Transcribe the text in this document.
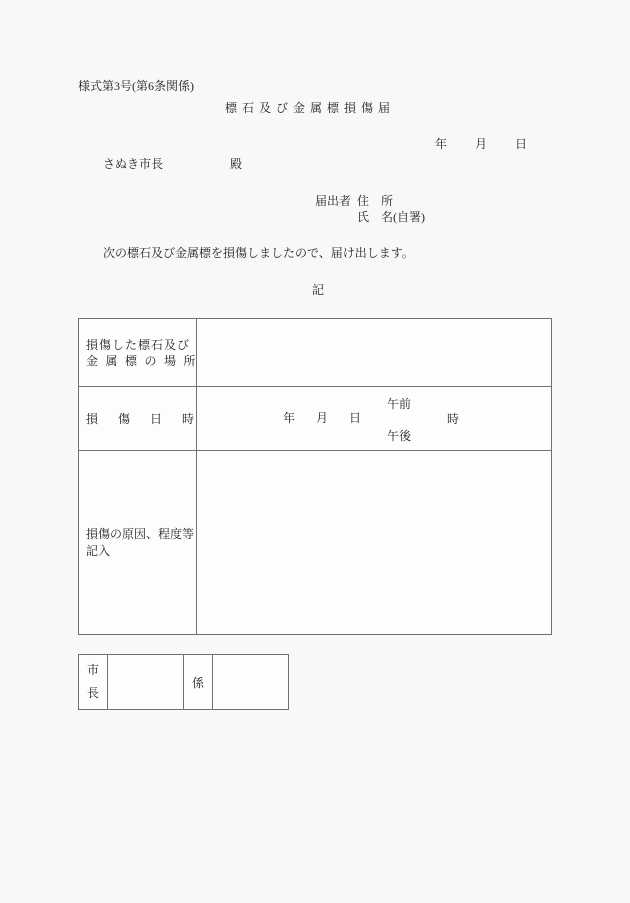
様式第3号(第6条関係)
標石及び金属標損傷届
年月日
さぬき市長	殿
届出者 住　所
氏　名(自署)
次の標石及び金属標を損傷しましたので、届け出します。
記
損傷した標石及び
金属標の場所
損傷日時	年月日
午前
時
午後
損傷の原因、程度等
記入
市
長
係
